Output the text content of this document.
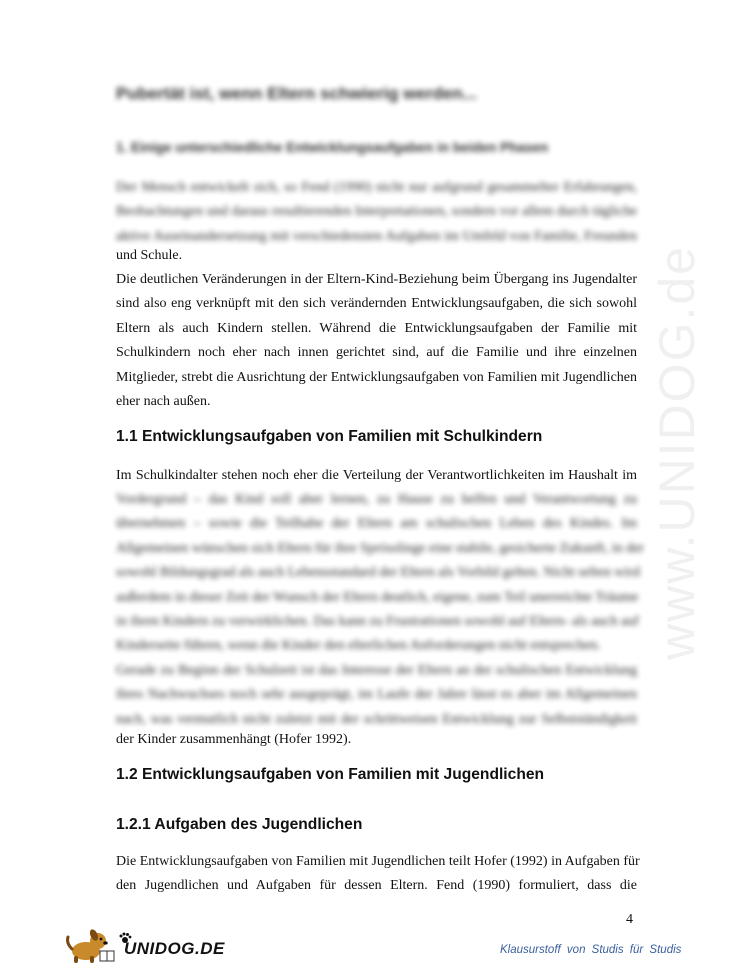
www.UNIDOG.de
Pubertät ist, wenn Eltern schwierig werden...
1. Einige unterschiedliche Entwicklungsaufgaben in beiden Phasen
Der Mensch entwickelt sich, so Fend (1990) nicht nur aufgrund gesammelter Erfahrungen,
Beobachtungen und daraus resultierenden Interpretationen, sondern vor allem durch tägliche
aktive Auseinandersetzung mit verschiedensten Aufgaben im Umfeld von Familie, Freunden
und Schule.
Die deutlichen Veränderungen in der Eltern-Kind-Beziehung beim Übergang ins Jugendalter
sind also eng verknüpft mit den sich verändernden Entwicklungsaufgaben, die sich sowohl
Eltern als auch Kindern stellen. Während die Entwicklungsaufgaben der Familie mit
Schulkindern noch eher nach innen gerichtet sind, auf die Familie und ihre einzelnen
Mitglieder, strebt die Ausrichtung der Entwicklungsaufgaben von Familien mit Jugendlichen
eher nach außen.
1.1 Entwicklungsaufgaben von Familien mit Schulkindern
Im Schulkindalter stehen noch eher die Verteilung der Verantwortlichkeiten im Haushalt im
Vordergrund – das Kind soll aber lernen, zu Hause zu helfen und Verantwortung zu
übernehmen – sowie die Teilhabe der Eltern am schulischen Leben des Kindes. Im
Allgemeinen wünschen sich Eltern für ihre Sprösslinge eine stabile, gesicherte Zukunft, in der
sowohl Bildungsgrad als auch Lebensstandard der Eltern als Vorbild gelten. Nicht selten wird
außerdem in dieser Zeit der Wunsch der Eltern deutlich, eigene, zum Teil unerreichte Träume
in ihren Kindern zu verwirklichen. Das kann zu Frustrationen sowohl auf Eltern- als auch auf
Kinderseite führen, wenn die Kinder den elterlichen Anforderungen nicht entsprechen.
Gerade zu Beginn der Schulzeit ist das Interesse der Eltern an der schulischen Entwicklung
ihres Nachwuchses noch sehr ausgeprägt, im Laufe der Jahre lässt es aber im Allgemeinen
nach, was vermutlich nicht zuletzt mit der schrittweisen Entwicklung zur Selbstständigkeit
der Kinder zusammenhängt (Hofer 1992).
1.2 Entwicklungsaufgaben von Familien mit Jugendlichen
1.2.1 Aufgaben des Jugendlichen
Die Entwicklungsaufgaben von Familien mit Jugendlichen teilt Hofer (1992) in Aufgaben für
den Jugendlichen und Aufgaben für dessen Eltern. Fend (1990) formuliert, dass die
4
UNIDOG.DE	Klausurstoff von Studis für Studis
